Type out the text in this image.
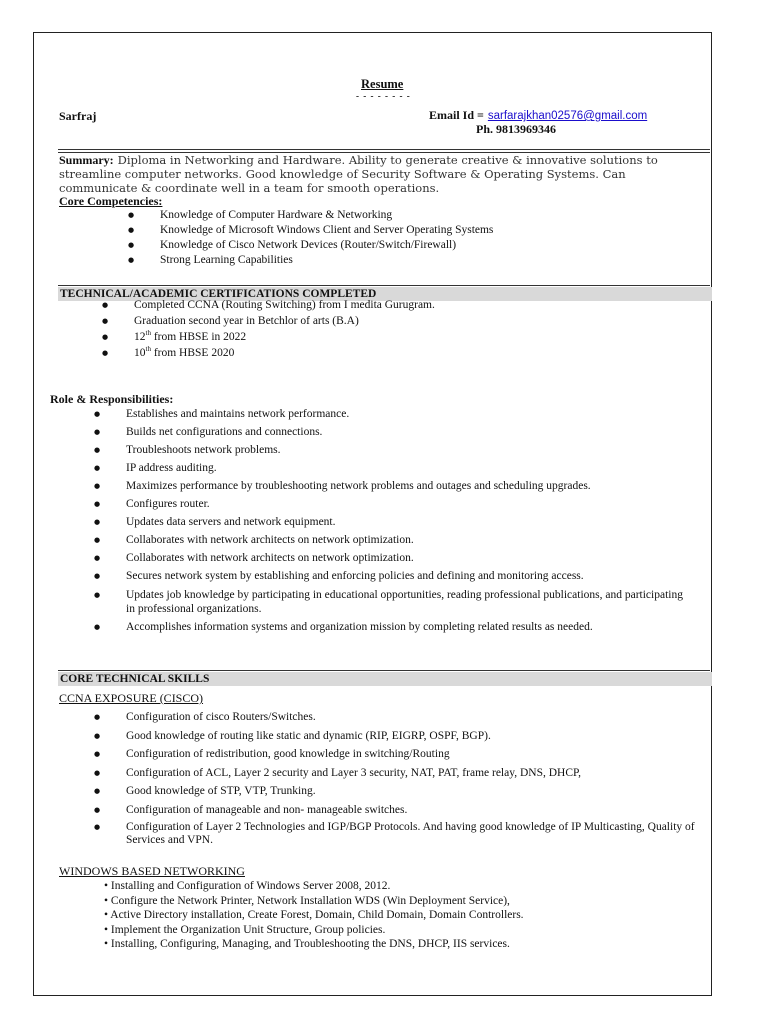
Resume
- - - - - - - -
Sarfraj	Email Id = sarfarajkhan02576@gmail.com
Ph. 9813969346
Summary: Diploma in Networking and Hardware. Ability to generate creative & innovative solutions to streamline computer networks. Good knowledge of Security Software & Operating Systems. Can communicate & coordinate well in a team for smooth operations.
Core Competencies:
● Knowledge of Computer Hardware & Networking
● Knowledge of Microsoft Windows Client and Server Operating Systems
● Knowledge of Cisco Network Devices (Router/Switch/Firewall)
● Strong Learning Capabilities
TECHNICAL/ACADEMIC CERTIFICATIONS COMPLETED
● Completed CCNA (Routing Switching) from I medita Gurugram.
● Graduation second year in Betchlor of arts (B.A)
● 12th from HBSE in 2022
● 10th from HBSE 2020
Role & Responsibilities:
● Establishes and maintains network performance.
● Builds net configurations and connections.
● Troubleshoots network problems.
● IP address auditing.
● Maximizes performance by troubleshooting network problems and outages and scheduling upgrades.
● Configures router.
● Updates data servers and network equipment.
● Collaborates with network architects on network optimization.
● Collaborates with network architects on network optimization.
● Secures network system by establishing and enforcing policies and defining and monitoring access.
● Updates job knowledge by participating in educational opportunities, reading professional publications, and participating in professional organizations.
● Accomplishes information systems and organization mission by completing related results as needed.
CORE TECHNICAL SKILLS
CCNA EXPOSURE (CISCO)
● Configuration of cisco Routers/Switches.
● Good knowledge of routing like static and dynamic (RIP, EIGRP, OSPF, BGP).
● Configuration of redistribution, good knowledge in switching/Routing
● Configuration of ACL, Layer 2 security and Layer 3 security, NAT, PAT, frame relay, DNS, DHCP,
● Good knowledge of STP, VTP, Trunking.
● Configuration of manageable and non- manageable switches.
● Configuration of Layer 2 Technologies and IGP/BGP Protocols. And having good knowledge of IP Multicasting, Quality of Services and VPN.
WINDOWS BASED NETWORKING
• Installing and Configuration of Windows Server 2008, 2012.
• Configure the Network Printer, Network Installation WDS (Win Deployment Service),
• Active Directory installation, Create Forest, Domain, Child Domain, Domain Controllers.
• Implement the Organization Unit Structure, Group policies.
• Installing, Configuring, Managing, and Troubleshooting the DNS, DHCP, IIS services.
